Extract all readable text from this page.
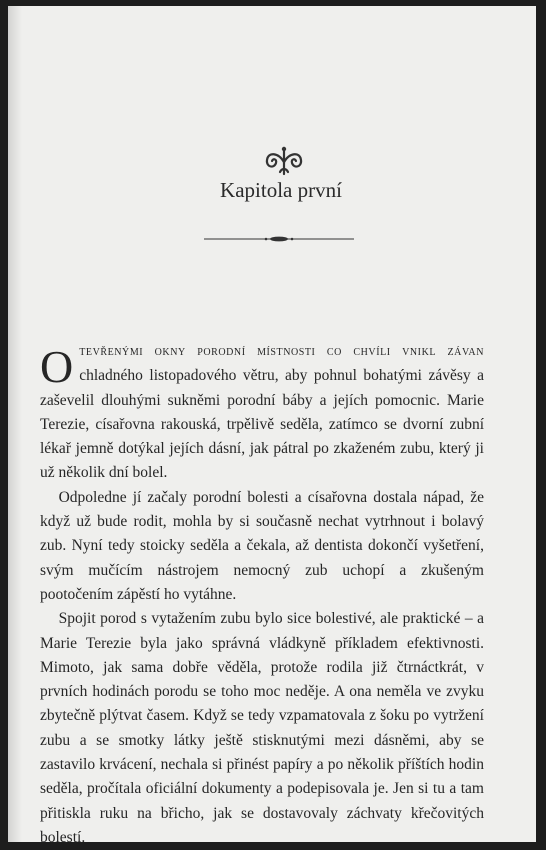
Kapitola první

Otevřenými okny porodní místnosti co chvíli vnikl závan chladného listopadového větru, aby pohnul bohatými závěsy a zaševelil dlouhými sukněmi porodní báby a jejích pomocnic. Marie Terezie, císařovna rakouská, trpělivě seděla, zatímco se dvorní zubní lékař jemně dotýkal jejích dásní, jak pátral po zkaženém zubu, který ji už několik dní bolel.

Odpoledne jí začaly porodní bolesti a císařovna dostala nápad, že když už bude rodit, mohla by si současně nechat vytrhnout i bolavý zub. Nyní tedy stoicky seděla a čekala, až dentista dokončí vyšetření, svým mučícím nástrojem nemocný zub uchopí a zkušeným pootočením zápěstí ho vytáhne.

Spojit porod s vytažením zubu bylo sice bolestivé, ale praktické – a Marie Terezie byla jako správná vládkyně příkladem efektivnosti. Mimoto, jak sama dobře věděla, protože rodila již čtrnáctkrát, v prvních hodinách porodu se toho moc neděje. A ona neměla ve zvyku zbytečně plýtvat časem. Když se tedy vzpamatovala z šoku po vytržení zubu a se smotky látky ještě stisknutými mezi dásněmi, aby se zastavilo krvácení, nechala si přinést papíry a po několik příštích hodin seděla, pročítala oficiální dokumenty a podepisovala je. Jen si tu a tam přitiskla ruku na břicho, jak se dostavovaly záchvaty křečovitých bolestí.
